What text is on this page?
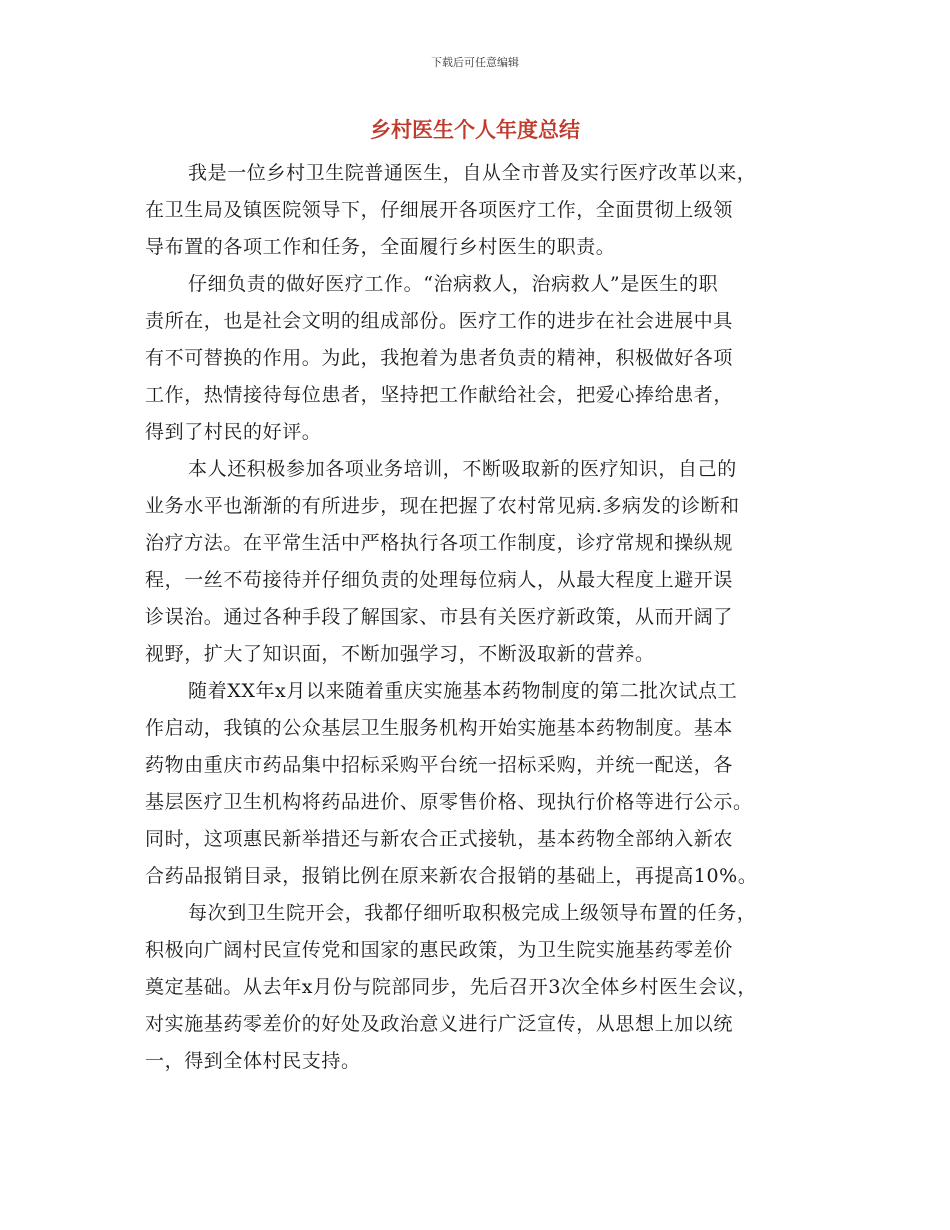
下载后可任意编辑
乡村医生个人年度总结
我是一位乡村卫生院普通医生，自从全市普及实行医疗改革以来，
在卫生局及镇医院领导下，仔细展开各项医疗工作，全面贯彻上级领
导布置的各项工作和任务，全面履行乡村医生的职责。
仔细负责的做好医疗工作。“治病救人，治病救人”是医生的职
责所在，也是社会文明的组成部份。医疗工作的进步在社会进展中具
有不可替换的作用。为此，我抱着为患者负责的精神，积极做好各项
工作，热情接待每位患者，坚持把工作献给社会，把爱心捧给患者，
得到了村民的好评。
本人还积极参加各项业务培训，不断吸取新的医疗知识，自己的
业务水平也渐渐的有所进步，现在把握了农村常见病.多病发的诊断和
治疗方法。在平常生活中严格执行各项工作制度，诊疗常规和操纵规
程，一丝不苟接待并仔细负责的处理每位病人，从最大程度上避开误
诊误治。通过各种手段了解国家、市县有关医疗新政策，从而开阔了
视野，扩大了知识面，不断加强学习，不断汲取新的营养。
随着XX年x月以来随着重庆实施基本药物制度的第二批次试点工
作启动，我镇的公众基层卫生服务机构开始实施基本药物制度。基本
药物由重庆市药品集中招标采购平台统一招标采购，并统一配送，各
基层医疗卫生机构将药品进价、原零售价格、现执行价格等进行公示。
同时，这项惠民新举措还与新农合正式接轨，基本药物全部纳入新农
合药品报销目录，报销比例在原来新农合报销的基础上，再提高10%。
每次到卫生院开会，我都仔细听取积极完成上级领导布置的任务，
积极向广阔村民宣传党和国家的惠民政策，为卫生院实施基药零差价
奠定基础。从去年x月份与院部同步，先后召开3次全体乡村医生会议，
对实施基药零差价的好处及政治意义进行广泛宣传，从思想上加以统
一，得到全体村民支持。
